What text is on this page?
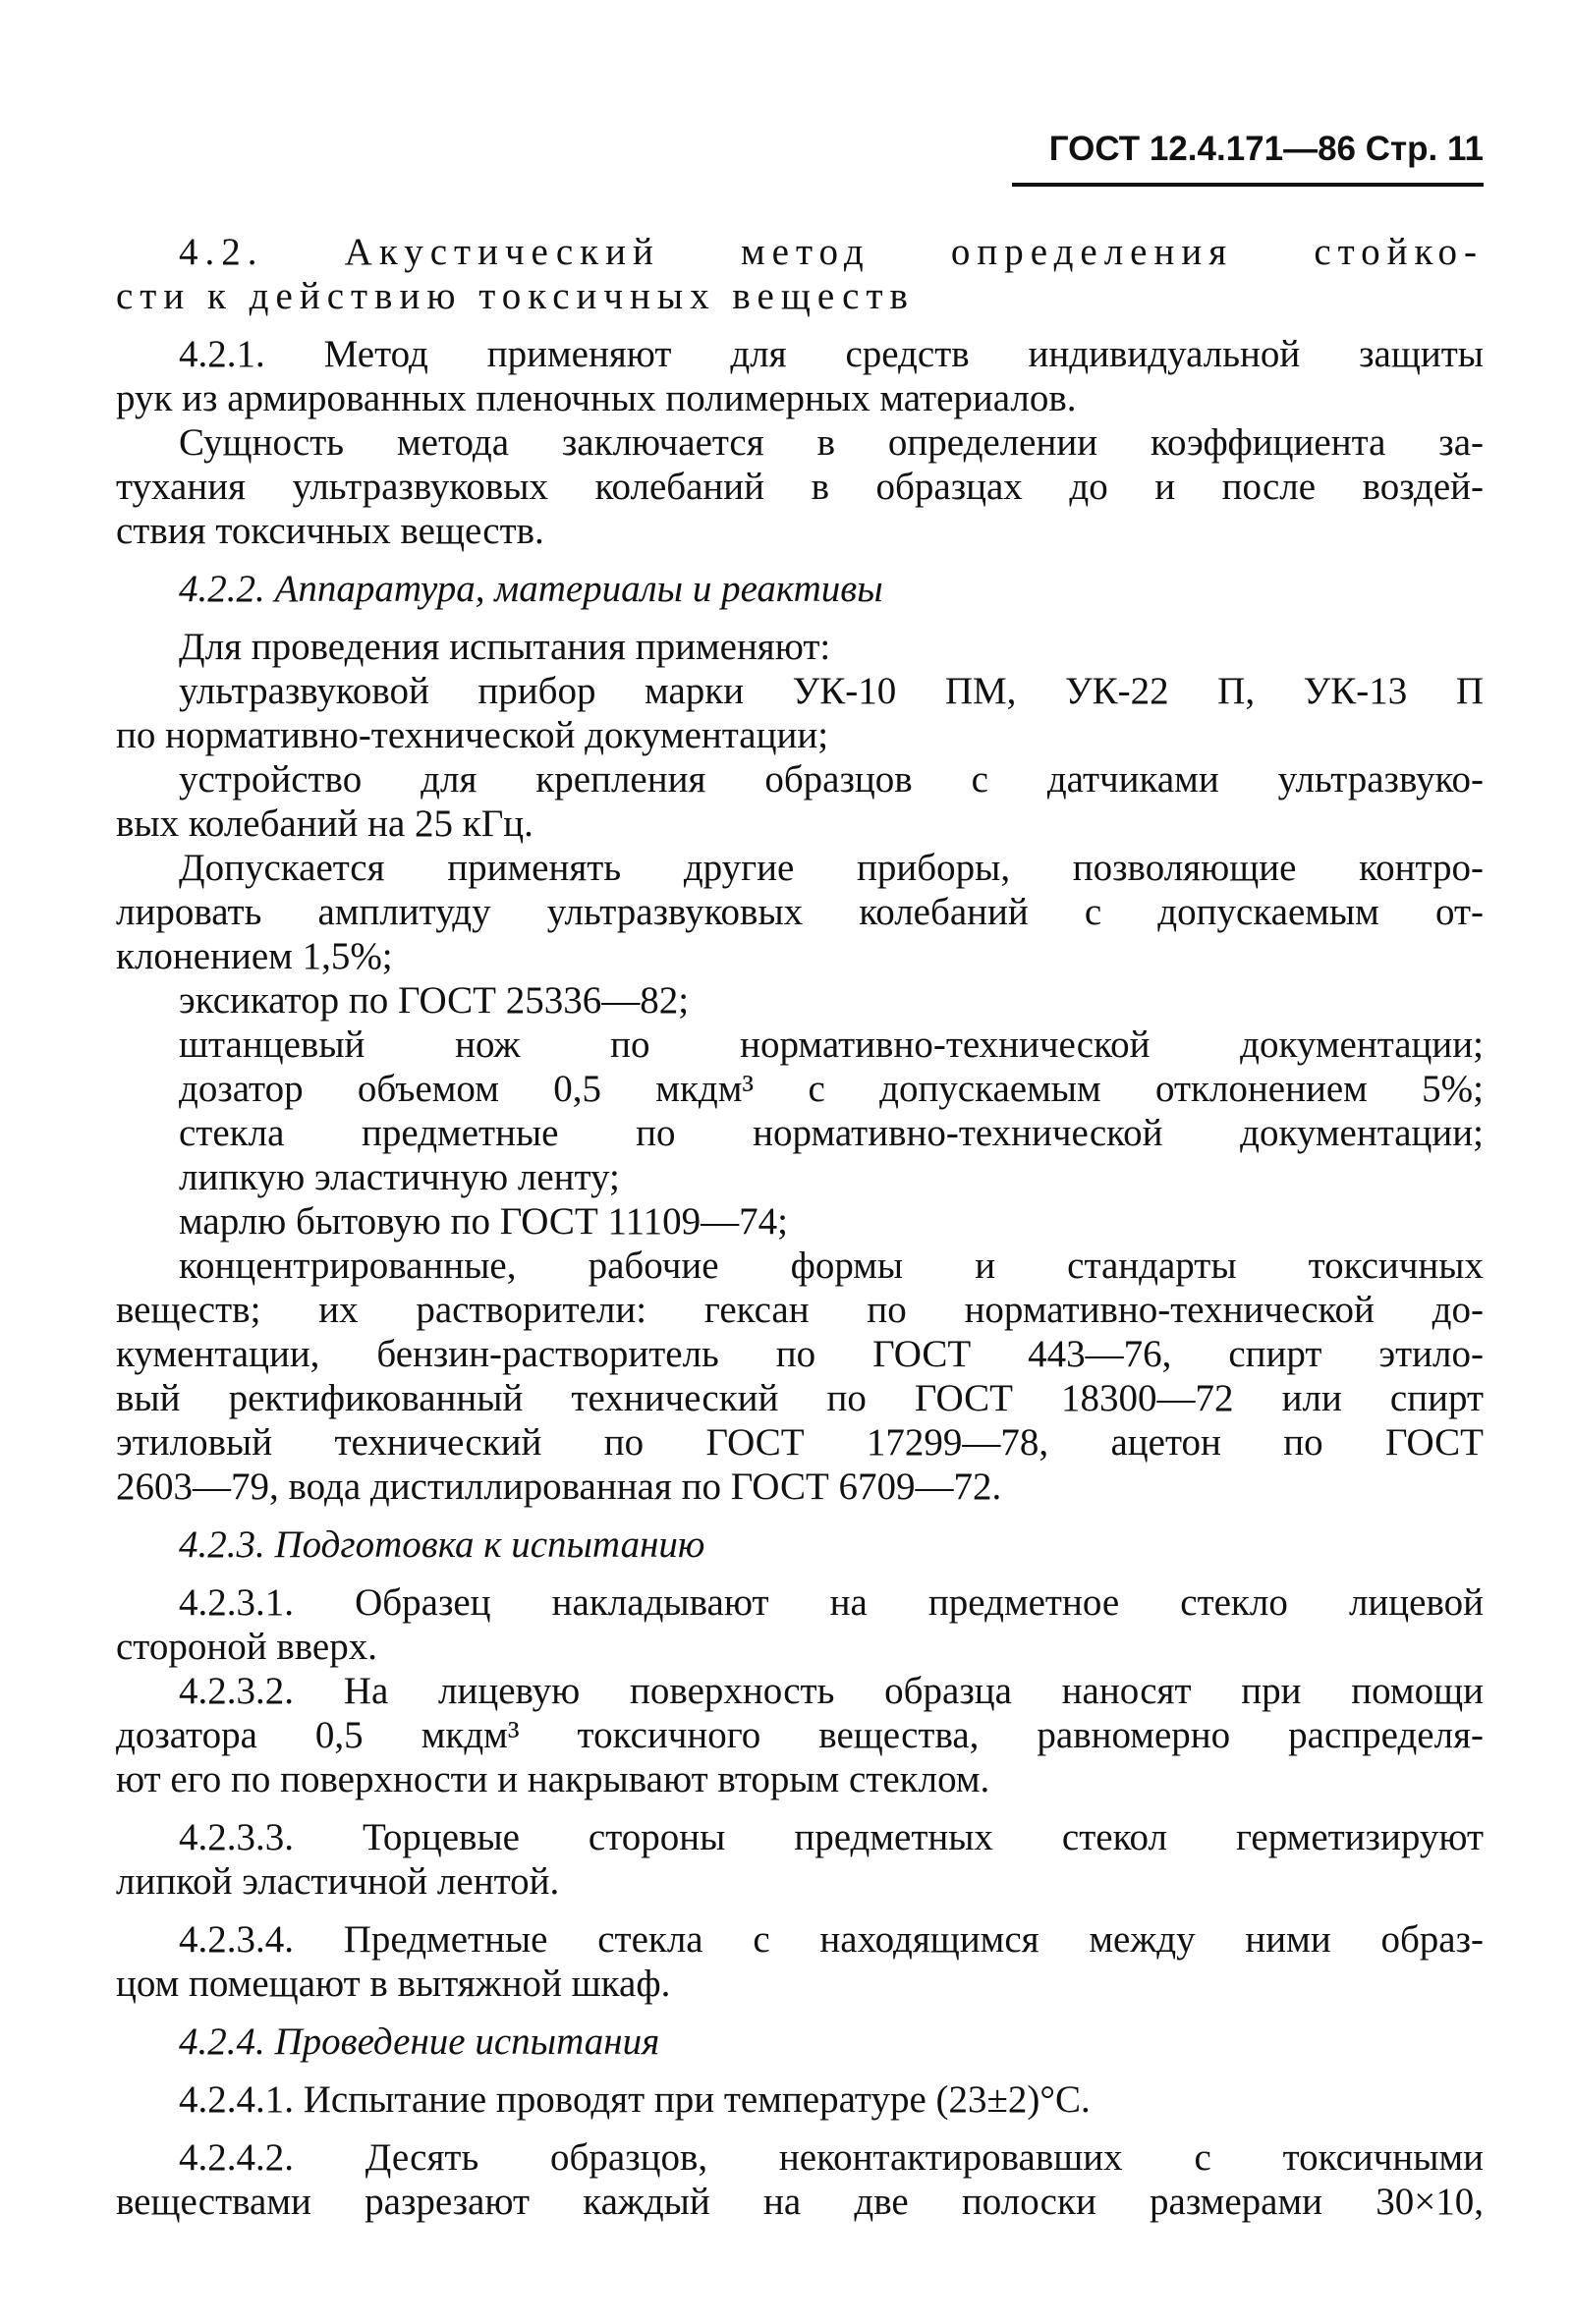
ГОСТ 12.4.171—86 Стр. 11
4.2. Акустический метод определения стойко-
сти к действию токсичных веществ
4.2.1. Метод применяют для средств индивидуальной защиты
рук из армированных пленочных полимерных материалов.
Сущность метода заключается в определении коэффициента за-
тухания ультразвуковых колебаний в образцах до и после воздей-
ствия токсичных веществ.
4.2.2. Аппаратура, материалы и реактивы
Для проведения испытания применяют:
ультразвуковой прибор марки УК-10 ПМ, УК-22 П, УК-13 П
по нормативно-технической документации;
устройство для крепления образцов с датчиками ультразвуко-
вых колебаний на 25 кГц.
Допускается применять другие приборы, позволяющие контро-
лировать амплитуду ультразвуковых колебаний с допускаемым от-
клонением 1,5%;
эксикатор по ГОСТ 25336—82;
штанцевый нож по нормативно-технической документации;
дозатор объемом 0,5 мкдм³ с допускаемым отклонением 5%;
стекла предметные по нормативно-технической документации;
липкую эластичную ленту;
марлю бытовую по ГОСТ 11109—74;
концентрированные, рабочие формы и стандарты токсичных
веществ; их растворители: гексан по нормативно-технической до-
кументации, бензин-растворитель по ГОСТ 443—76, спирт этило-
вый ректификованный технический по ГОСТ 18300—72 или спирт
этиловый технический по ГОСТ 17299—78, ацетон по ГОСТ
2603—79, вода дистиллированная по ГОСТ 6709—72.
4.2.3. Подготовка к испытанию
4.2.3.1. Образец накладывают на предметное стекло лицевой
стороной вверх.
4.2.3.2. На лицевую поверхность образца наносят при помощи
дозатора 0,5 мкдм³ токсичного вещества, равномерно распределя-
ют его по поверхности и накрывают вторым стеклом.
4.2.3.3. Торцевые стороны предметных стекол герметизируют
липкой эластичной лентой.
4.2.3.4. Предметные стекла с находящимся между ними образ-
цом помещают в вытяжной шкаф.
4.2.4. Проведение испытания
4.2.4.1. Испытание проводят при температуре (23±2)°С.
4.2.4.2. Десять образцов, неконтактировавших с токсичными
веществами разрезают каждый на две полоски размерами 30×10,
